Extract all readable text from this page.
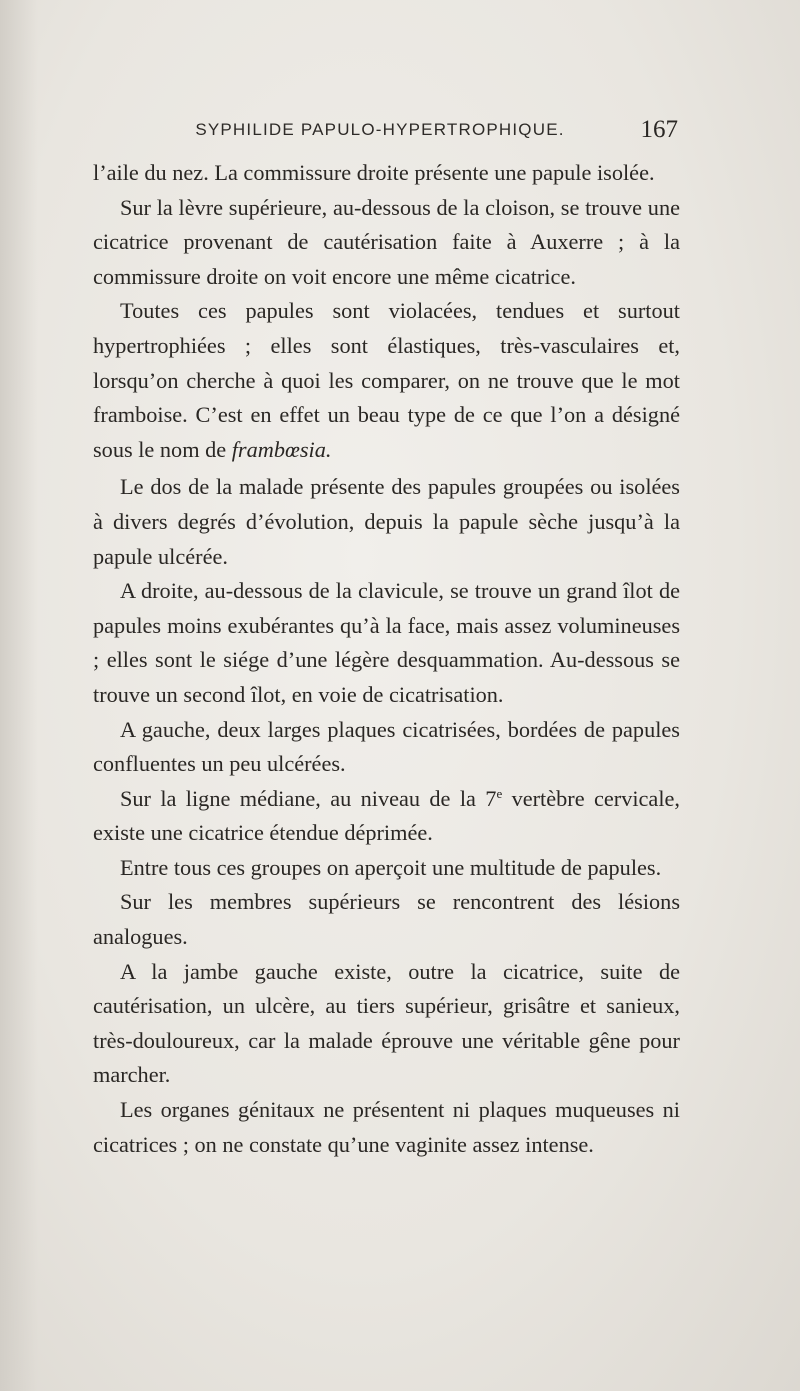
SYPHILIDE PAPULO-HYPERTROPHIQUE.	167

l’aile du nez. La commissure droite présente une papule isolée.

Sur la lèvre supérieure, au-dessous de la cloison, se trouve une cicatrice provenant de cautérisation faite à Auxerre ; à la commissure droite on voit encore une même cicatrice.

Toutes ces papules sont violacées, tendues et surtout hypertrophiées ; elles sont élastiques, très-vasculaires et, lorsqu’on cherche à quoi les comparer, on ne trouve que le mot framboise. C’est en effet un beau type de ce que l’on a désigné sous le nom de frambœsia.

Le dos de la malade présente des papules groupées ou isolées à divers degrés d’évolution, depuis la papule sèche jusqu’à la papule ulcérée.

A droite, au-dessous de la clavicule, se trouve un grand îlot de papules moins exubérantes qu’à la face, mais assez volumineuses ; elles sont le siége d’une légère desquammation. Au-dessous se trouve un second îlot, en voie de cicatrisation.

A gauche, deux larges plaques cicatrisées, bordées de papules confluentes un peu ulcérées.

Sur la ligne médiane, au niveau de la 7e vertèbre cervicale, existe une cicatrice étendue déprimée.

Entre tous ces groupes on aperçoit une multitude de papules.

Sur les membres supérieurs se rencontrent des lésions analogues.

A la jambe gauche existe, outre la cicatrice, suite de cautérisation, un ulcère, au tiers supérieur, grisâtre et sanieux, très-douloureux, car la malade éprouve une véritable gêne pour marcher.

Les organes génitaux ne présentent ni plaques muqueuses ni cicatrices ; on ne constate qu’une vaginite assez intense.
